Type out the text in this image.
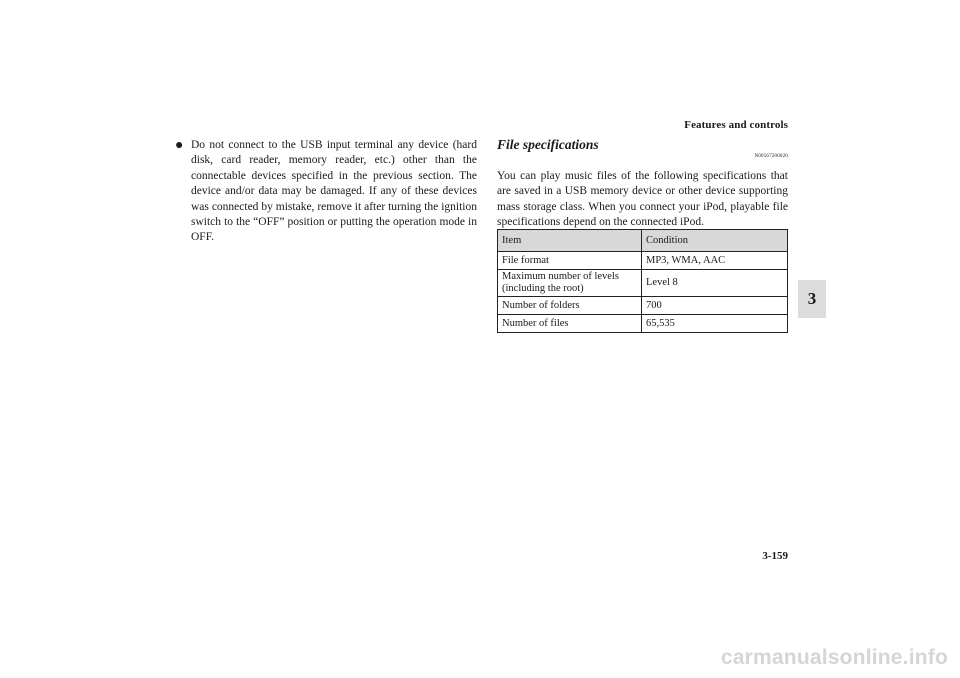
Features and controls
3
● Do not connect to the USB input terminal any device (hard disk, card reader, memory reader, etc.) other than the connectable devices specified in the previous section. The device and/or data may be damaged. If any of these devices was connected by mistake, remove it after turning the ignition switch to the “OFF” position or putting the operation mode in OFF.
File specifications
N00567200020

You can play music files of the following specifications that are saved in a USB memory device or other device supporting mass storage class. When you connect your iPod, playable file specifications depend on the connected iPod.

Item	Condition
File format	MP3, WMA, AAC
Maximum number of levels (including the root)	Level 8
Number of folders	700
Number of files	65,535
3-159
carmanualsonline.info
